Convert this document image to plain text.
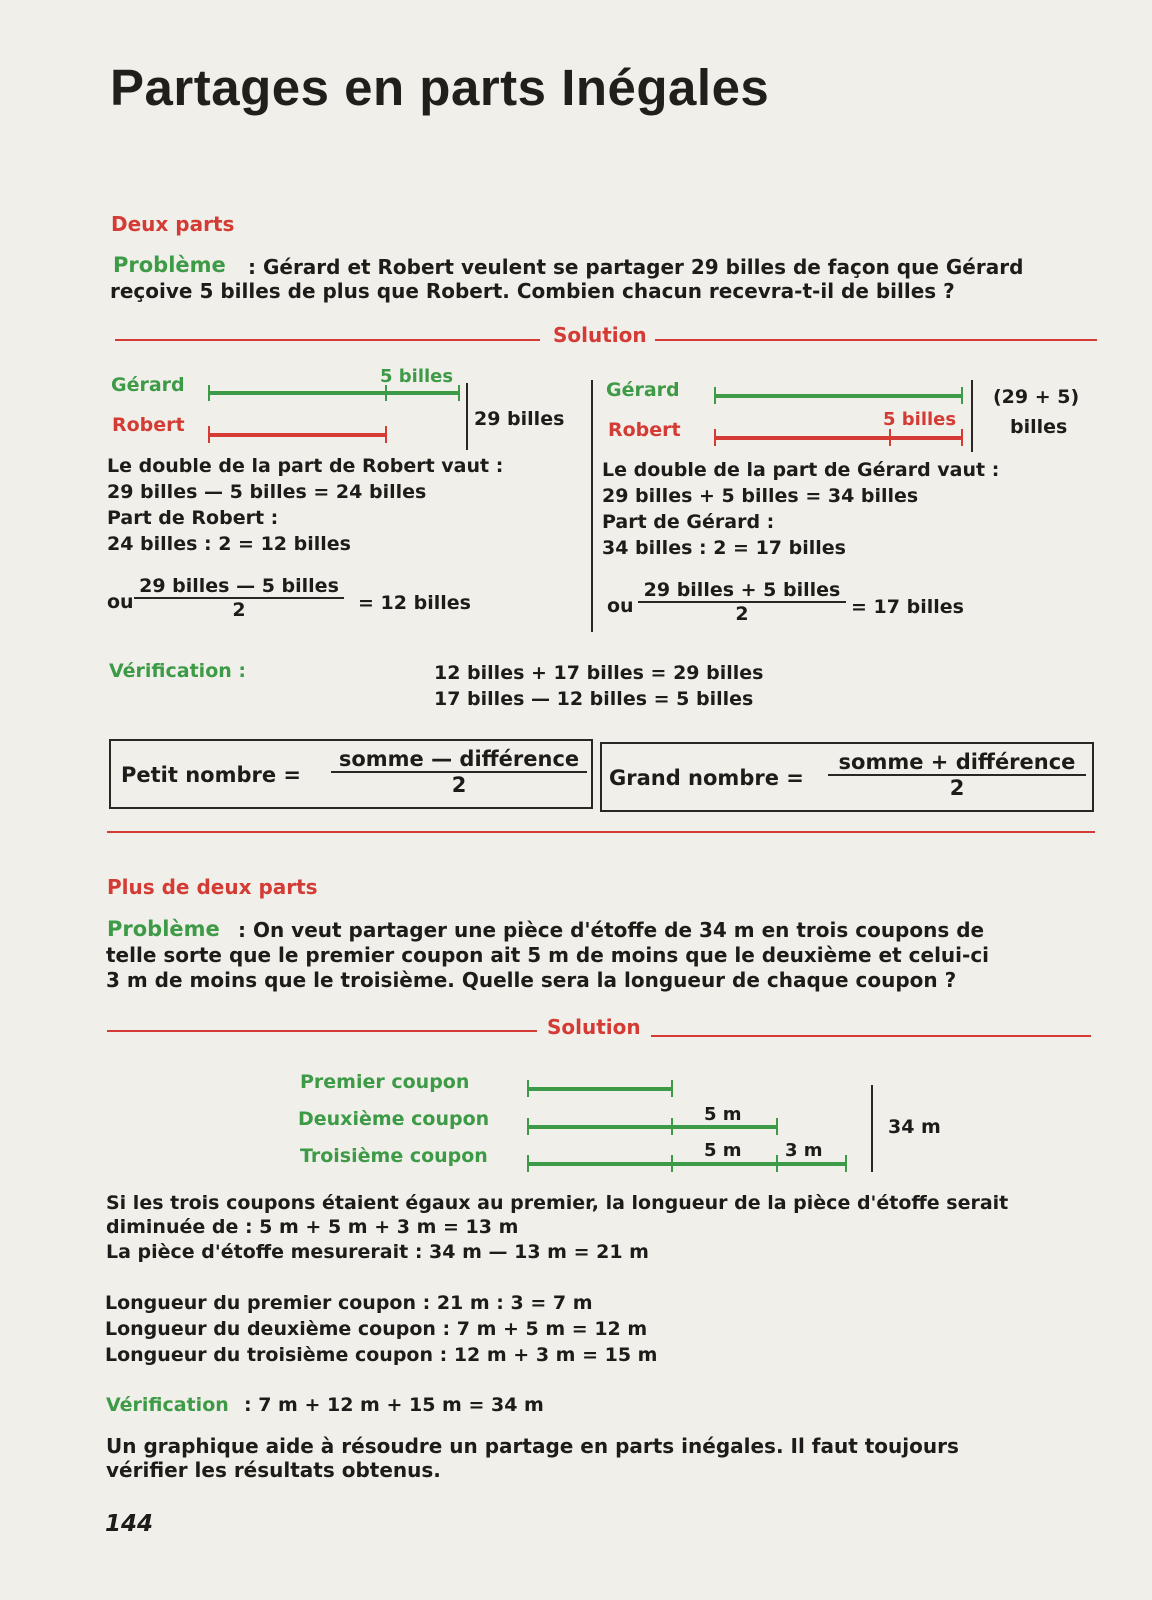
Partages en parts Inégales
Deux parts
Problème : Gérard et Robert veulent se partager 29 billes de façon que Gérard
reçoive 5 billes de plus que Robert. Combien chacun recevra-t-il de billes ?
Solution
Gérard
Robert
5 billes
29 billes
Le double de la part de Robert vaut :
29 billes — 5 billes = 24 billes
Part de Robert :
24 billes : 2 = 12 billes
ou
29 billes — 5 billes
2	= 12 billes
Gérard
Robert	5 billes
(29 + 5)
billes
Le double de la part de Gérard vaut :
29 billes + 5 billes = 34 billes
Part de Gérard :
34 billes : 2 = 17 billes
ou
29 billes + 5 billes
2	= 17 billes
Vérification :	12 billes + 17 billes = 29 billes
17 billes — 12 billes = 5 billes
Petit nombre =
somme — différence
2	Grand nombre =
somme + différence
2
Plus de deux parts
Problème : On veut partager une pièce d'étoffe de 34 m en trois coupons de
telle sorte que le premier coupon ait 5 m de moins que le deuxième et celui-ci
3 m de moins que le troisième. Quelle sera la longueur de chaque coupon ?
Solution
Premier coupon
Deuxième coupon
Troisième coupon
5 m
5 m 3 m
34 m
Si les trois coupons étaient égaux au premier, la longueur de la pièce d'étoffe serait
diminuée de : 5 m + 5 m + 3 m = 13 m
La pièce d'étoffe mesurerait : 34 m — 13 m = 21 m
Longueur du premier coupon : 21 m : 3 = 7 m
Longueur du deuxième coupon : 7 m + 5 m = 12 m
Longueur du troisième coupon : 12 m + 3 m = 15 m
Vérification : 7 m + 12 m + 15 m = 34 m
Un graphique aide à résoudre un partage en parts inégales. Il faut toujours
vérifier les résultats obtenus.
144
